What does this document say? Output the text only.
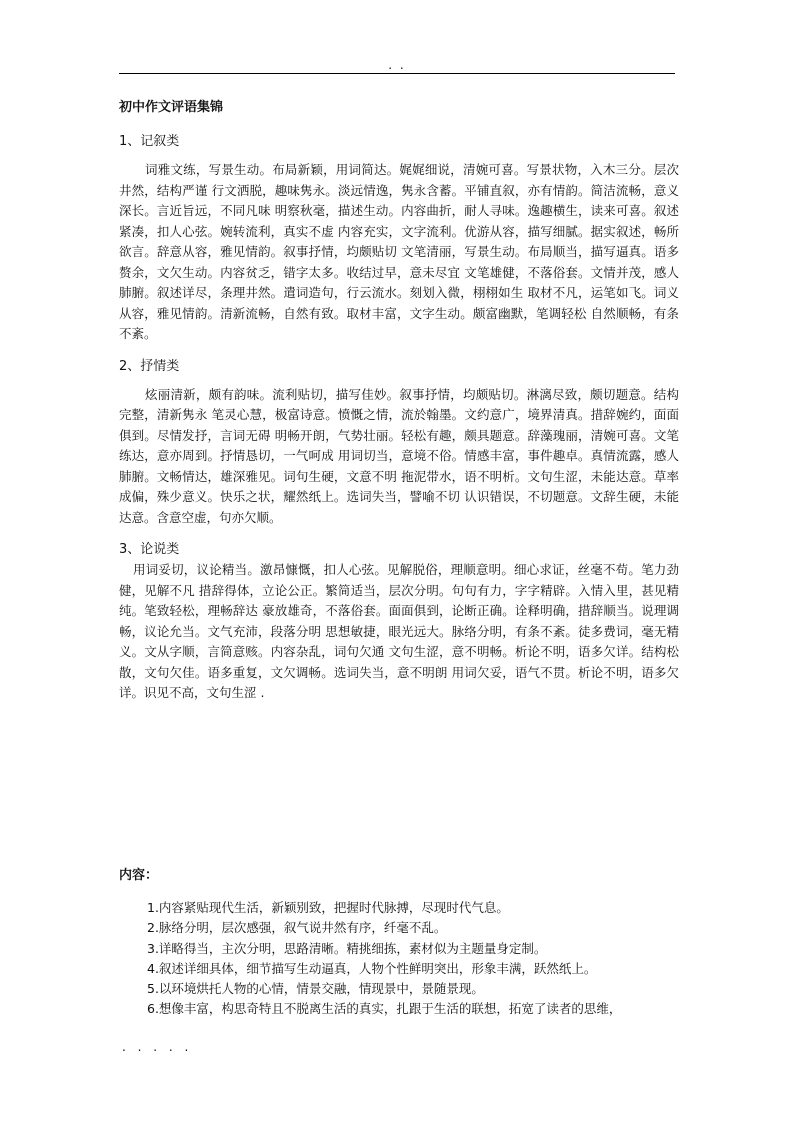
. .

初中作文评语集锦

1、记叙类

词雅文练，写景生动。布局新颖，用词简达。娓娓细说，清婉可喜。写景状物，入木三分。层次井然，结构严谨 行文洒脱，趣味隽永。淡远情逸，隽永含蓄。平铺直叙，亦有情韵。简洁流畅，意义深长。言近旨远，不同凡味 明察秋毫，描述生动。内容曲折，耐人寻味。逸趣横生，读来可喜。叙述紧凑，扣人心弦。婉转流利，真实不虚 内容充实，文字流利。优游从容，描写细腻。据实叙述，畅所欲言。辞意从容，雅见情韵。叙事抒情，均颇贴切 文笔清丽，写景生动。布局顺当，描写逼真。语多赘余，文欠生动。内容贫乏，错字太多。收结过早，意未尽宜 文笔雄健，不落俗套。文情并茂，感人肺腑。叙述详尽，条理井然。遣词造句，行云流水。刻划入微，栩栩如生 取材不凡，运笔如飞。词义从容，雅见情韵。清新流畅，自然有致。取材丰富，文字生动。颇富幽默，笔调轻松 自然顺畅，有条不紊。

2、抒情类

炫丽清新，颇有韵味。流利贴切，描写佳妙。叙事抒情，均颇贴切。淋漓尽致，颇切题意。结构完整，清新隽永 笔灵心慧，极富诗意。愤慨之情，流於翰墨。文约意广，境界清真。措辞婉约，面面俱到。尽情发抒，言词无碍 明畅开朗，气势壮丽。轻松有趣，颇具题意。辞藻瑰丽，清婉可喜。文笔练达，意亦周到。抒情恳切，一气呵成 用词切当，意境不俗。情感丰富，事件趣卓。真情流露，感人肺腑。文畅情达，雄深雅见。词句生硬，文意不明 拖泥带水，语不明析。文句生涩，未能达意。草率成偏，殊少意义。快乐之状，耀然纸上。选词失当，譬喻不切 认识错误，不切题意。文辞生硬，未能达意。含意空虚，句亦欠顺。

3、论说类

用词妥切，议论精当。激昂慷慨，扣人心弦。见解脱俗，理顺意明。细心求证，丝毫不苟。笔力劲健，见解不凡 措辞得体，立论公正。繁简适当，层次分明。句句有力，字字精辟。入情入里，甚见精纯。笔致轻松，理畅辞达 豪放雄奇，不落俗套。面面俱到，论断正确。诠释明确，措辞顺当。说理调畅，议论允当。文气充沛，段落分明 思想敏捷，眼光远大。脉络分明，有条不紊。徒多费词，毫无精义。文从字顺，言简意赅。内容杂乱，词句欠通 文句生涩，意不明畅。析论不明，语多欠详。结构松散，文句欠佳。语多重复，文欠调畅。选词失当，意不明朗 用词欠妥，语气不贯。析论不明，语多欠详。识见不高，文句生涩 .

内容：

1.内容紧贴现代生活，新颖别致，把握时代脉搏，尽现时代气息。
2.脉络分明，层次感强，叙气说井然有序，纤毫不乱。
3.详略得当，主次分明，思路清晰。精挑细拣，素材似为主题量身定制。
4.叙述详细具体，细节描写生动逼真，人物个性鲜明突出，形象丰满，跃然纸上。
5.以环境烘托人物的心情，情景交融，情现景中，景随景现。
6.想像丰富，构思奇特且不脱离生活的真实，扎跟于生活的联想，拓宽了读者的思维，
. . . . .
